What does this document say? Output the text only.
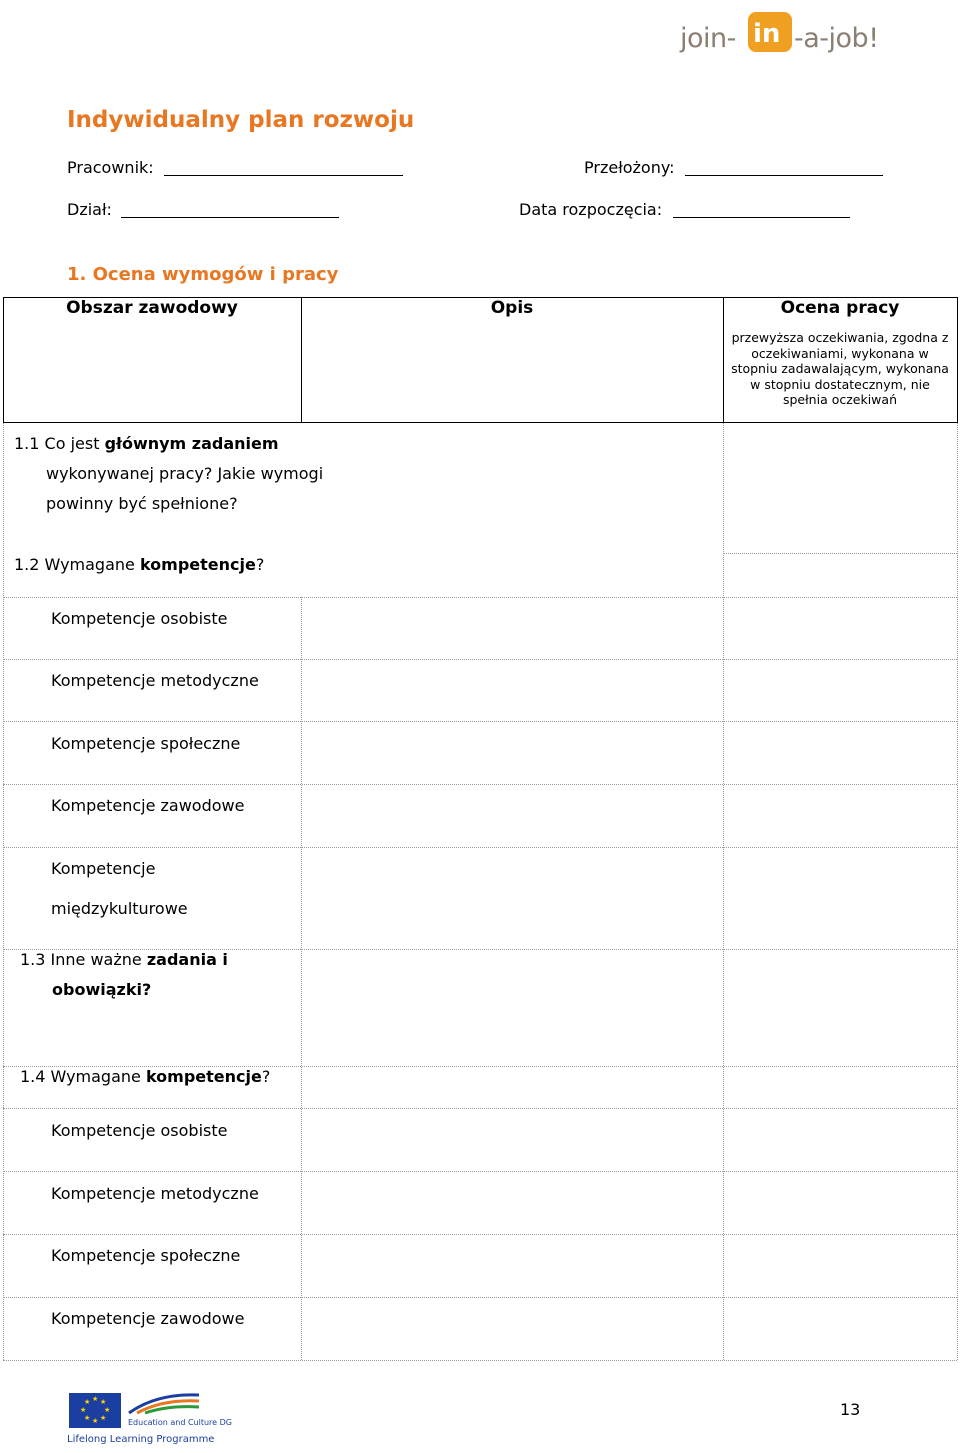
join- in -a-job!
Indywidualny plan rozwoju
Pracownik:	Przełożony:
Dział:	Data rozpoczęcia:
1. Ocena wymogów i pracy
Obszar zawodowy	Opis	Ocena pracy
przewyższa oczekiwania, zgodna z oczekiwaniami, wykonana w stopniu zadawalającym, wykonana w stopniu dostatecznym, nie spełnia oczekiwań
1.1 Co jest głównym zadaniem wykonywanej pracy? Jakie wymogi powinny być spełnione?
1.2 Wymagane kompetencje?
Kompetencje osobiste
Kompetencje metodyczne
Kompetencje społeczne
Kompetencje zawodowe
Kompetencje
międzykulturowe
1.3 Inne ważne zadania i
obowiązki?
1.4 Wymagane kompetencje?
Kompetencje osobiste
Kompetencje metodyczne
Kompetencje społeczne
Kompetencje zawodowe
★ ★
★
★
★
★
★
★
Education and Culture DG
Lifelong Learning Programme
13
